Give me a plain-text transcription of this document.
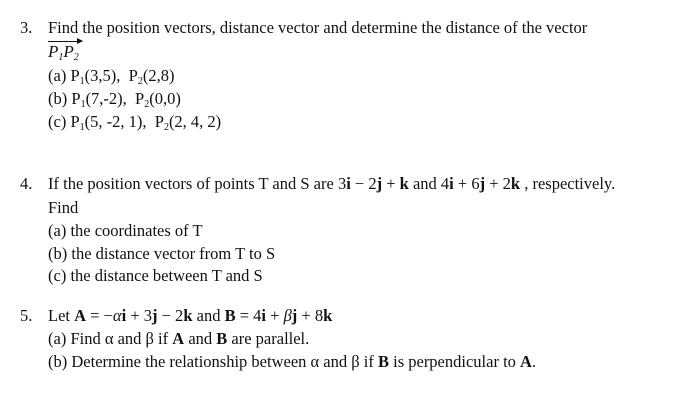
3. Find the position vectors, distance vector and determine the distance of the vector
$P_1P_2$
(a) $P_1(3,5)$, $P_2(2,8)$
(b) $P_1(7,-2)$, $P_2(0,0)$
(c) $P_1(5$, -2, 1), $P_2(2$, 4, 2)
4. If the position vectors of points T and S are 3i − 2j + k and 4i + 6j + 2k , respectively.
Find
(a) the coordinates of T
(b) the distance vector from T to S
(c) the distance between T and S
5. Let A = −αi + 3j − 2k and B = 4i + βj + 8k
(a) Find α and β if A and B are parallel.
(b) Determine the relationship between α and β if B is perpendicular to A.
